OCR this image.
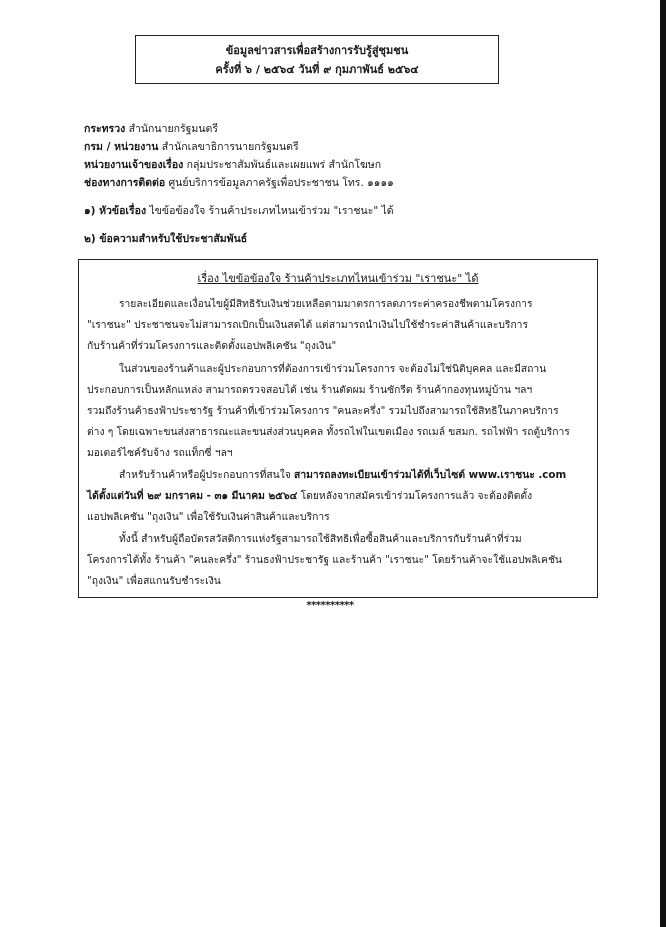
ข้อมูลข่าวสารเพื่อสร้างการรับรู้สู่ชุมชน
ครั้งที่ ๖ / ๒๕๖๔ วันที่ ๙ กุมภาพันธ์ ๒๕๖๔
กระทรวง สำนักนายกรัฐมนตรี
กรม / หน่วยงาน สำนักเลขาธิการนายกรัฐมนตรี
หน่วยงานเจ้าของเรื่อง กลุ่มประชาสัมพันธ์และเผยแพร่ สำนักโฆษก
ช่องทางการติดต่อ ศูนย์บริการข้อมูลภาครัฐเพื่อประชาชน โทร. ๑๑๑๑
๑) หัวข้อเรื่อง ไขข้อข้องใจ ร้านค้าประเภทไหนเข้าร่วม "เราชนะ" ได้
๒) ข้อความสำหรับใช้ประชาสัมพันธ์
เรื่อง ไขข้อข้องใจ ร้านค้าประเภทไหนเข้าร่วม "เราชนะ" ได้
รายละเอียดและเงื่อนไขผู้มีสิทธิรับเงินช่วยเหลือตามมาตรการลดภาระค่าครองชีพตามโครงการ
"เราชนะ" ประชาชนจะไม่สามารถเบิกเป็นเงินสดได้ แต่สามารถนำเงินไปใช้ชำระค่าสินค้าและบริการ
กับร้านค้าที่ร่วมโครงการและติดตั้งแอปพลิเคชัน "ถุงเงิน"
ในส่วนของร้านค้าและผู้ประกอบการที่ต้องการเข้าร่วมโครงการ จะต้องไม่ใช่นิติบุคคล และมีสถาน
ประกอบการเป็นหลักแหล่ง สามารถตรวจสอบได้ เช่น ร้านตัดผม ร้านซักรีด ร้านค้ากองทุนหมู่บ้าน ฯลฯ
รวมถึงร้านค้าธงฟ้าประชารัฐ ร้านค้าที่เข้าร่วมโครงการ "คนละครึ่ง" รวมไปถึงสามารถใช้สิทธิในภาคบริการ
ต่าง ๆ โดยเฉพาะขนส่งสาธารณะและขนส่งส่วนบุคคล ทั้งรถไฟในเขตเมือง รถเมล์ ขสมก. รถไฟฟ้า รถตู้บริการ
มอเตอร์ไซค์รับจ้าง รถแท็กซี่ ฯลฯ
สำหรับร้านค้าหรือผู้ประกอบการที่สนใจ สามารถลงทะเบียนเข้าร่วมได้ที่เว็บไซต์ www.เราชนะ .com
ได้ตั้งแต่วันที่ ๒๙ มกราคม - ๓๑ มีนาคม ๒๕๖๔ โดยหลังจากสมัครเข้าร่วมโครงการแล้ว จะต้องติดตั้ง
แอปพลิเคชัน "ถุงเงิน" เพื่อใช้รับเงินค่าสินค้าและบริการ
ทั้งนี้ สำหรับผู้ถือบัตรสวัสดิการแห่งรัฐสามารถใช้สิทธิเพื่อซื้อสินค้าและบริการกับร้านค้าที่ร่วม
โครงการได้ทั้ง ร้านค้า "คนละครึ่ง" ร้านธงฟ้าประชารัฐ และร้านค้า "เราชนะ" โดยร้านค้าจะใช้แอปพลิเคชัน
"ถุงเงิน" เพื่อสแกนรับชำระเงิน
**********
